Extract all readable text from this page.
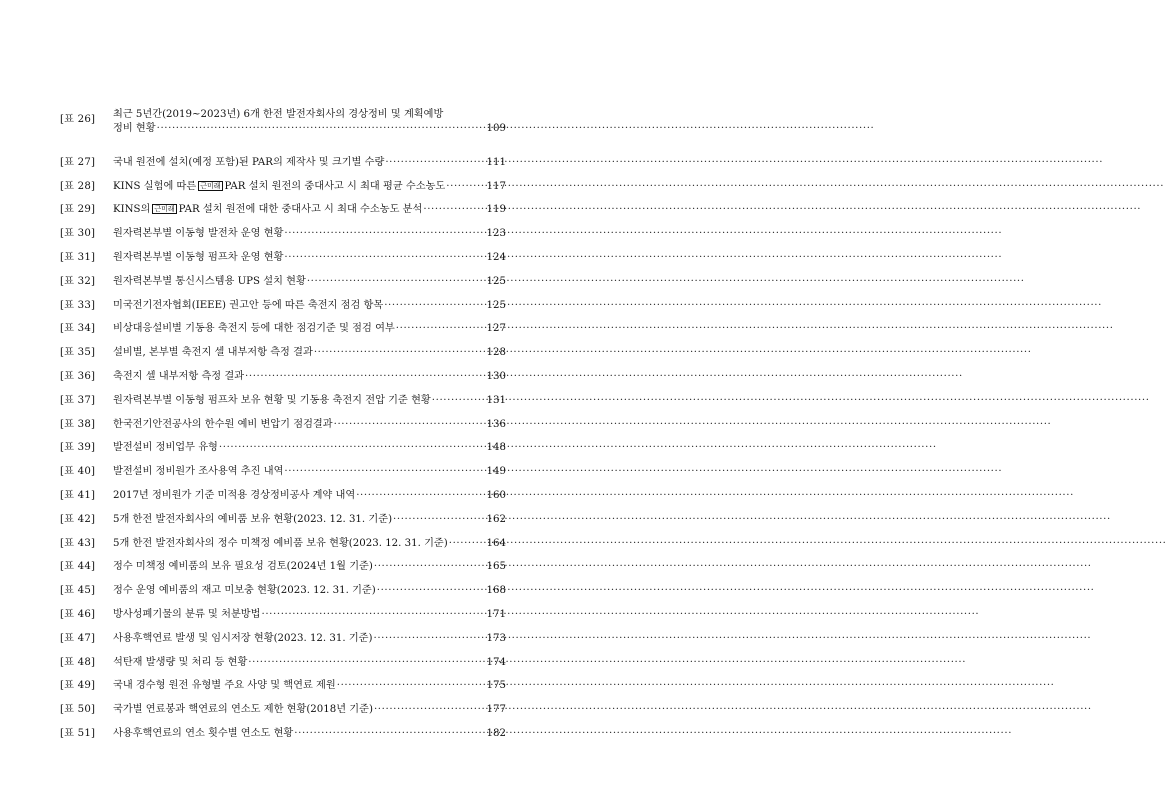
[표 26]	최근 5년간(2019~2023년) 6개 한전 발전자회사의 경상정비 및 계획예방
정비 현황 ·····	109
[표 27]	국내 원전에 설치(예정 포함)된 PAR의 제작사 및 크기별 수량 ·····	111
[표 28]	KINS 실험에 따른 근미래 PAR 설치 원전의 중대사고 시 최대 평균 수소농도 ·····	117
[표 29]	KINS의 근미래 PAR 설치 원전에 대한 중대사고 시 최대 수소농도 분석 ·····	119
[표 30]	원자력본부별 이동형 발전차 운영 현황 ·····	123
[표 31]	원자력본부별 이동형 펌프차 운영 현황 ·····	124
[표 32]	원자력본부별 통신시스템용 UPS 설치 현황 ·····	125
[표 33]	미국전기전자협회(IEEE) 권고안 등에 따른 축전지 점검 항목 ·····	125
[표 34]	비상대응설비별 기동용 축전지 등에 대한 점검기준 및 점검 여부 ·····	127
[표 35]	설비별, 본부별 축전지 셀 내부저항 측정 결과 ·····	128
[표 36]	축전지 셀 내부저항 측정 결과 ·····	130
[표 37]	원자력본부별 이동형 펌프차 보유 현황 및 기동용 축전지 전압 기준 현황 ·····	131
[표 38]	한국전기안전공사의 한수원 예비 변압기 점검결과 ·····	136
[표 39]	발전설비 정비업무 유형 ·····	148
[표 40]	발전설비 정비원가 조사용역 추진 내역 ·····	149
[표 41]	2017년 정비원가 기준 미적용 경상정비공사 계약 내역 ·····	160
[표 42]	5개 한전 발전자회사의 예비품 보유 현황(2023. 12. 31. 기준) ·····	162
[표 43]	5개 한전 발전자회사의 정수 미책정 예비품 보유 현황(2023. 12. 31. 기준) ·····	164
[표 44]	정수 미책정 예비품의 보유 필요성 검토(2024년 1월 기준) ·····	165
[표 45]	정수 운영 예비품의 재고 미보충 현황(2023. 12. 31. 기준) ·····	168
[표 46]	방사성폐기물의 분류 및 처분방법 ·····	171
[표 47]	사용후핵연료 발생 및 임시저장 현황(2023. 12. 31. 기준) ·····	173
[표 48]	석탄재 발생량 및 처리 등 현황 ·····	174
[표 49]	국내 경수형 원전 유형별 주요 사양 및 핵연료 제원 ·····	175
[표 50]	국가별 연료봉과 핵연료의 연소도 제한 현황(2018년 기준) ·····	177
[표 51]	사용후핵연료의 연소 횟수별 연소도 현황 ·····	182
